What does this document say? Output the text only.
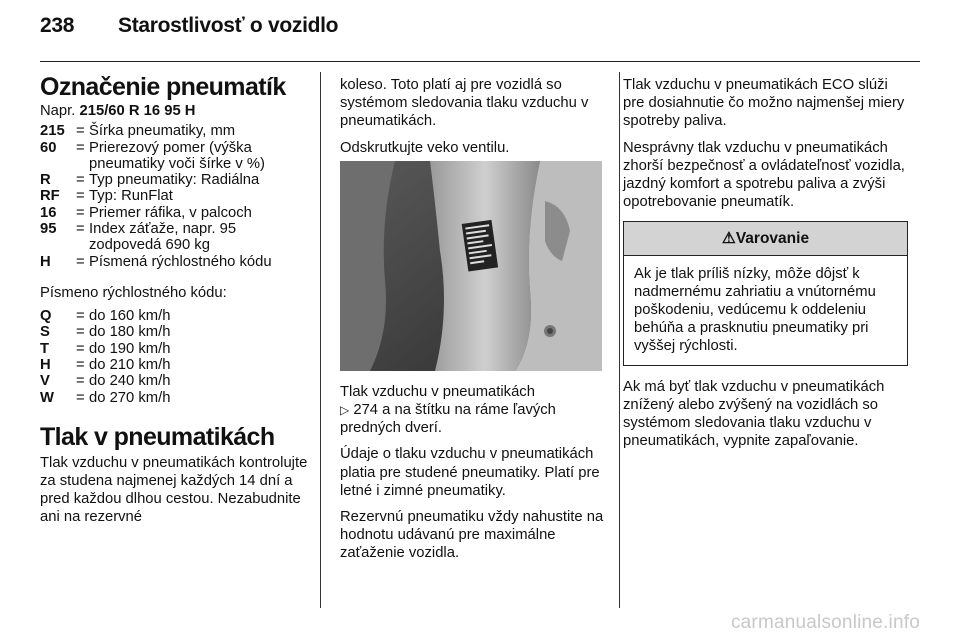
238 Starostlivosť o vozidlo
Označenie pneumatík

Napr. 215/60 R 16 95 H

215 = Šírka pneumatiky, mm
60	= Prierezový pomer (výška pneumatiky voči šírke v %)
R	= Typ pneumatiky: Radiálna
RF	= Typ: RunFlat
16	= Priemer ráfika, v palcoch
95	= Index záťaže, napr. 95 zodpovedá 690 kg
H	= Písmená rýchlostného kódu

Písmeno rýchlostného kódu:

Q	= do 160 km/h
S	= do 180 km/h
T	= do 190 km/h
H	= do 210 km/h
V	= do 240 km/h
W	= do 270 km/h
Tlak v pneumatikách

Tlak vzduchu v pneumatikách kontrolujte za studena najmenej každých 14 dní a pred každou dlhou cestou. Nezabudnite ani na rezervné

koleso. Toto platí aj pre vozidlá so systémom sledovania tlaku vzduchu v pneumatikách.

Odskrutkujte veko ventilu.

Tlak vzduchu v pneumatikách
▷ 274 a na štítku na ráme ľavých predných dverí.

Údaje o tlaku vzduchu v pneumatikách platia pre studené pneumatiky. Platí pre letné i zimné pneumatiky.

Rezervnú pneumatiku vždy nahustite na hodnotu udávanú pre maximálne zaťaženie vozidla.

Tlak vzduchu v pneumatikách ECO slúži pre dosiahnutie čo možno najmenšej miery spotreby paliva.

Nesprávny tlak vzduchu v pneumatikách zhorší bezpečnosť a ovládateľnosť vozidla, jazdný komfort a spotrebu paliva a zvýši opotrebovanie pneumatík.

⚠Varovanie
Ak je tlak príliš nízky, môže dôjsť k nadmernému zahriatiu a vnútornému poškodeniu, vedúcemu k oddeleniu behúňa a prasknutiu pneumatiky pri vyššej rýchlosti.

Ak má byť tlak vzduchu v pneumatikách znížený alebo zvýšený na vozidlách so systémom sledovania tlaku vzduchu v pneumatikách, vypnite zapaľovanie.

carmanualsonline.info
